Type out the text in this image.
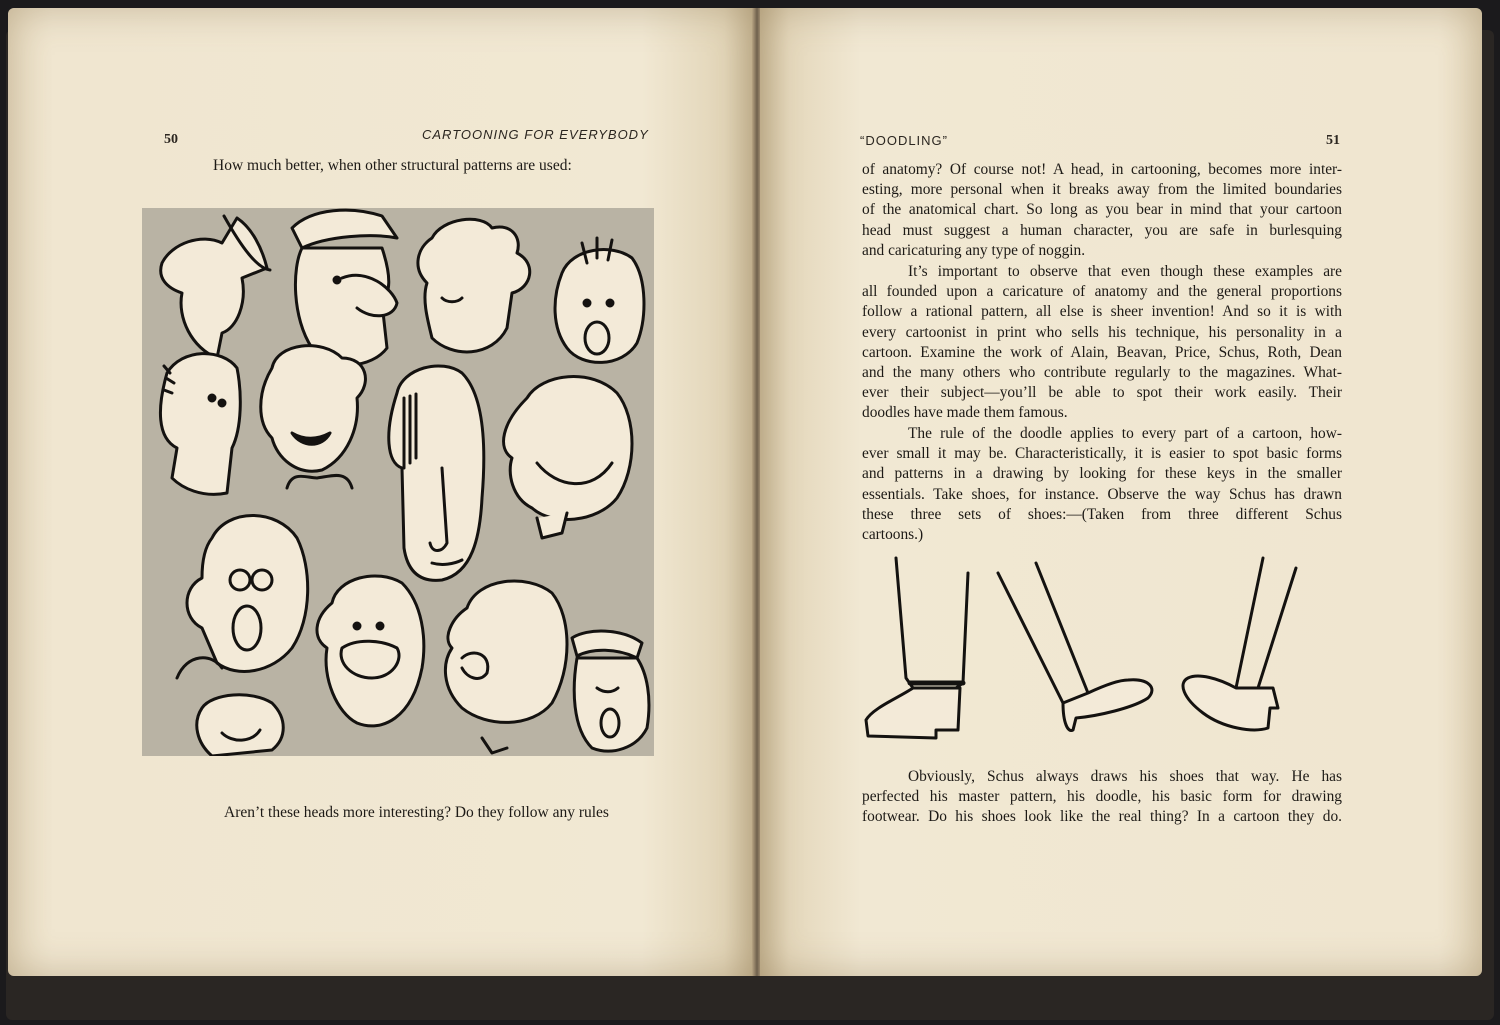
50	CARTOONING FOR EVERYBODY
How much better, when other structural patterns are used:
Aren’t these heads more interesting? Do they follow any rules
“DOODLING”	51
of anatomy? Of course not! A head, in cartooning, becomes more inter-
esting, more personal when it breaks away from the limited boundaries
of the anatomical chart. So long as you bear in mind that your cartoon
head must suggest a human character, you are safe in burlesquing
and caricaturing any type of noggin.
It’s important to observe that even though these examples are
all founded upon a caricature of anatomy and the general proportions
follow a rational pattern, all else is sheer invention! And so it is with
every cartoonist in print who sells his technique, his personality in a
cartoon. Examine the work of Alain, Beavan, Price, Schus, Roth, Dean
and the many others who contribute regularly to the magazines. What-
ever their subject—you’ll be able to spot their work easily. Their
doodles have made them famous.
The rule of the doodle applies to every part of a cartoon, how-
ever small it may be. Characteristically, it is easier to spot basic forms
and patterns in a drawing by looking for these keys in the smaller
essentials. Take shoes, for instance. Observe the way Schus has drawn
these three sets of shoes:—(Taken from three different Schus
cartoons.)
Obviously, Schus always draws his shoes that way. He has
perfected his master pattern, his doodle, his basic form for drawing
footwear. Do his shoes look like the real thing? In a cartoon they do.
